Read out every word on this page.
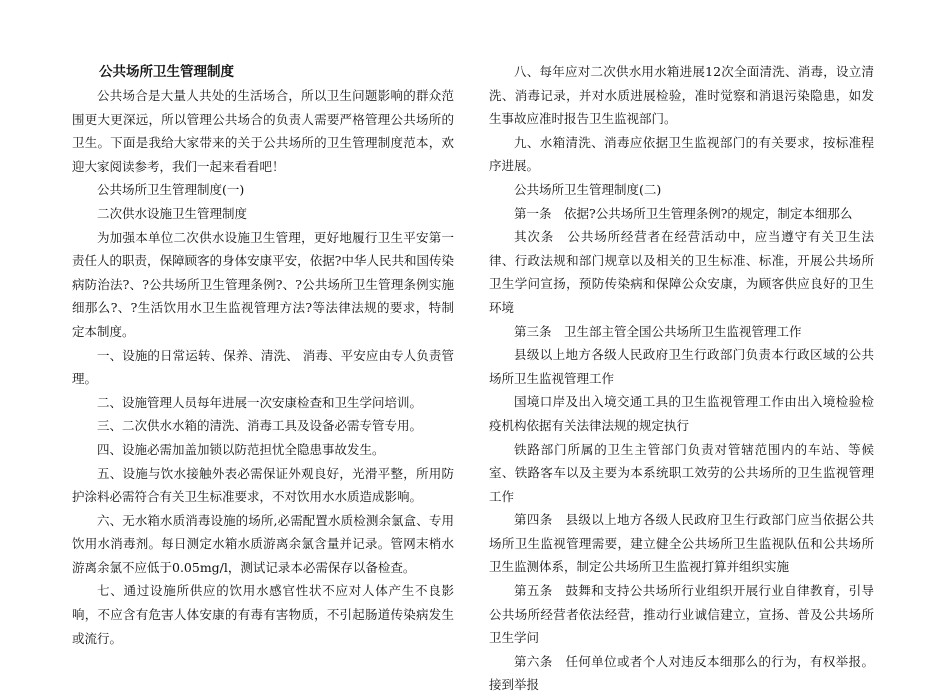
公共场所卫生管理制度

公共场合是大量人共处的生活场合，所以卫生问题影响的群众范围更大更深远，所以管理公共场合的负责人需要严格管理公共场所的卫生。下面是我给大家带来的关于公共场所的卫生管理制度范本，欢迎大家阅读参考，我们一起来看看吧！

公共场所卫生管理制度(一)

二次供水设施卫生管理制度

为加强本单位二次供水设施卫生管理，更好地履行卫生平安第一责任人的职责，保障顾客的身体安康平安，依据?中华人民共和国传染病防治法?、?公共场所卫生管理条例?、?公共场所卫生管理条例实施细那么?、?生活饮用水卫生监视管理方法?等法律法规的要求，特制定本制度。

一、设施的日常运转、保养、清洗、 消毒、平安应由专人负责管理。

二、设施管理人员每年进展一次安康检查和卫生学问培训。

三、二次供水水箱的清洗、消毒工具及设备必需专管专用。

四、设施必需加盖加锁以防范担忧全隐患事故发生。

五、设施与饮水接触外表必需保证外观良好，光滑平整，所用防护涂料必需符合有关卫生标准要求，不对饮用水水质造成影响。

六、无水箱水质消毒设施的场所,必需配置水质检测余氯盒、专用饮用水消毒剂。每日测定水箱水质游离余氯含量并记录。管网末梢水游离余氯不应低于0.05mg/l，测试记录本必需保存以备检查。

七、通过设施所供应的饮用水感官性状不应对人体产生不良影响，不应含有危害人体安康的有毒有害物质，不引起肠道传染病发生或流行。

八、每年应对二次供水用水箱进展12次全面清洗、消毒，设立清洗、消毒记录，并对水质进展检验，准时觉察和消退污染隐患，如发生事故应准时报告卫生监视部门。

九、水箱清洗、消毒应依据卫生监视部门的有关要求，按标准程序进展。

公共场所卫生管理制度(二)

第一条　依据?公共场所卫生管理条例?的规定，制定本细那么

其次条　公共场所经营者在经营活动中，应当遵守有关卫生法律、行政法规和部门规章以及相关的卫生标准、标准，开展公共场所卫生学问宣扬，预防传染病和保障公众安康，为顾客供应良好的卫生环境

第三条　卫生部主管全国公共场所卫生监视管理工作

县级以上地方各级人民政府卫生行政部门负责本行政区域的公共场所卫生监视管理工作

国境口岸及出入境交通工具的卫生监视管理工作由出入境检验检疫机构依据有关法律法规的规定执行

铁路部门所属的卫生主管部门负责对管辖范围内的车站、等候室、铁路客车以及主要为本系统职工效劳的公共场所的卫生监视管理工作

第四条　县级以上地方各级人民政府卫生行政部门应当依据公共场所卫生监视管理需要，建立健全公共场所卫生监视队伍和公共场所卫生监测体系，制定公共场所卫生监视打算并组织实施

第五条　鼓舞和支持公共场所行业组织开展行业自律教育，引导公共场所经营者依法经营，推动行业诚信建立，宣扬、普及公共场所卫生学问

第六条　任何单位或者个人对违反本细那么的行为，有权举报。接到举报
